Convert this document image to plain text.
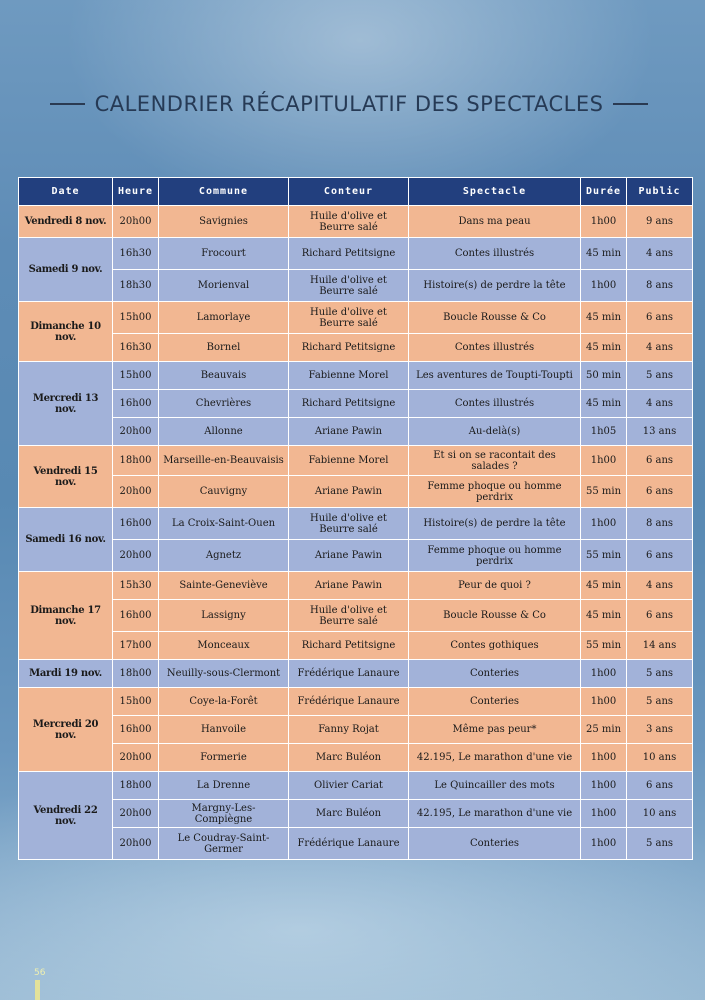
CALENDRIER RÉCAPITULATIF DES SPECTACLES
Date	Heure	Commune	Conteur	Spectacle	Durée	Public
Vendredi 8 nov.	20h00	Savignies	Huile d'olive et Beurre salé	Dans ma peau	1h00	9 ans
Samedi 9 nov.	16h30	Frocourt	Richard Petitsigne	Contes illustrés	45 min	4 ans
	18h30	Morienval	Huile d'olive et Beurre salé	Histoire(s) de perdre la tête	1h00	8 ans
Dimanche 10 nov.	15h00	Lamorlaye	Huile d'olive et Beurre salé	Boucle Rousse & Co	45 min	6 ans
	16h30	Bornel	Richard Petitsigne	Contes illustrés	45 min	4 ans
Mercredi 13 nov.	15h00	Beauvais	Fabienne Morel	Les aventures de Toupti-Toupti	50 min	5 ans
	16h00	Chevrières	Richard Petitsigne	Contes illustrés	45 min	4 ans
	20h00	Allonne	Ariane Pawin	Au-delà(s)	1h05	13 ans
Vendredi 15 nov.	18h00	Marseille-en-Beauvaisis	Fabienne Morel	Et si on se racontait des salades ?	1h00	6 ans
	20h00	Cauvigny	Ariane Pawin	Femme phoque ou homme perdrix	55 min	6 ans
Samedi 16 nov.	16h00	La Croix-Saint-Ouen	Huile d'olive et Beurre salé	Histoire(s) de perdre la tête	1h00	8 ans
	20h00	Agnetz	Ariane Pawin	Femme phoque ou homme perdrix	55 min	6 ans
Dimanche 17 nov.	15h30	Sainte-Geneviève	Ariane Pawin	Peur de quoi ?	45 min	4 ans
	16h00	Lassigny	Huile d'olive et Beurre salé	Boucle Rousse & Co	45 min	6 ans
	17h00	Monceaux	Richard Petitsigne	Contes gothiques	55 min	14 ans
Mardi 19 nov.	18h00	Neuilly-sous-Clermont	Frédérique Lanaure	Conteries	1h00	5 ans
Mercredi 20 nov.	15h00	Coye-la-Forêt	Frédérique Lanaure	Conteries	1h00	5 ans
	16h00	Hanvoile	Fanny Rojat	Même pas peur*	25 min	3 ans
	20h00	Formerie	Marc Buléon	42.195, Le marathon d'une vie	1h00	10 ans
Vendredi 22 nov.	18h00	La Drenne	Olivier Cariat	Le Quincailler des mots	1h00	6 ans
	20h00	Margny-Les-Compiègne	Marc Buléon	42.195, Le marathon d'une vie	1h00	10 ans
	20h00	Le Coudray-Saint-Germer	Frédérique Lanaure	Conteries	1h00	5 ans
56
